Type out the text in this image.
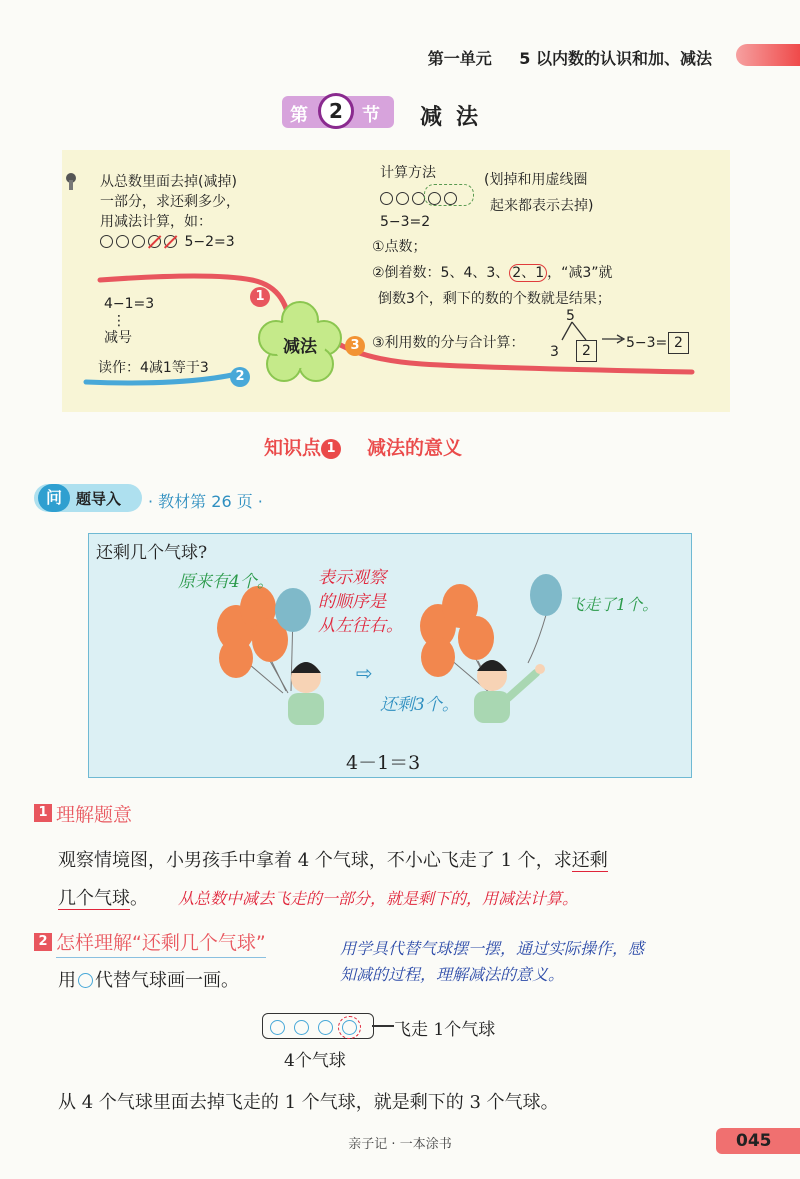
第一单元 5 以内数的认识和加、减法
第	2	节 减法
从总数里面去掉(减掉)
一部分，求还剩多少，
用减法计算，如：
5−2=3
1
4−1=3
⋮
减号
读作：4减1等于3
2
减法	3
计算方法	(划掉和用虚线圈
起来都表示去掉)
5−3=2
①点数；
②倒着数：5、4、3、 2、1 ，“减3”就
倒数3个，剩下的数的个数就是结果；
③利用数的分与合计算：
5
3	2	5−3= 2
知识点 1 减法的意义
问 题导入 · 教材第 26 页 ·
还剩几个气球?
原来有4个。	表示观察
的顺序是
从左往右。
飞走了1个。
⇨
还剩3个。
4－1＝3
1 理解题意
观察情境图，小男孩手中拿着 4 个气球，不小心飞走了 1 个，求还剩
几个气球。 从总数中减去飞走的一部分，就是剩下的，用减法计算。
2 怎样理解“还剩几个气球”	用学具代替气球摆一摆，通过实际操作，感
知减的过程，理解减法的意义。
用 代替气球画一画。
飞走 1个气球
4个气球
从 4 个气球里面去掉飞走的 1 个气球，就是剩下的 3 个气球。
亲子记 · 一本涂书	045
